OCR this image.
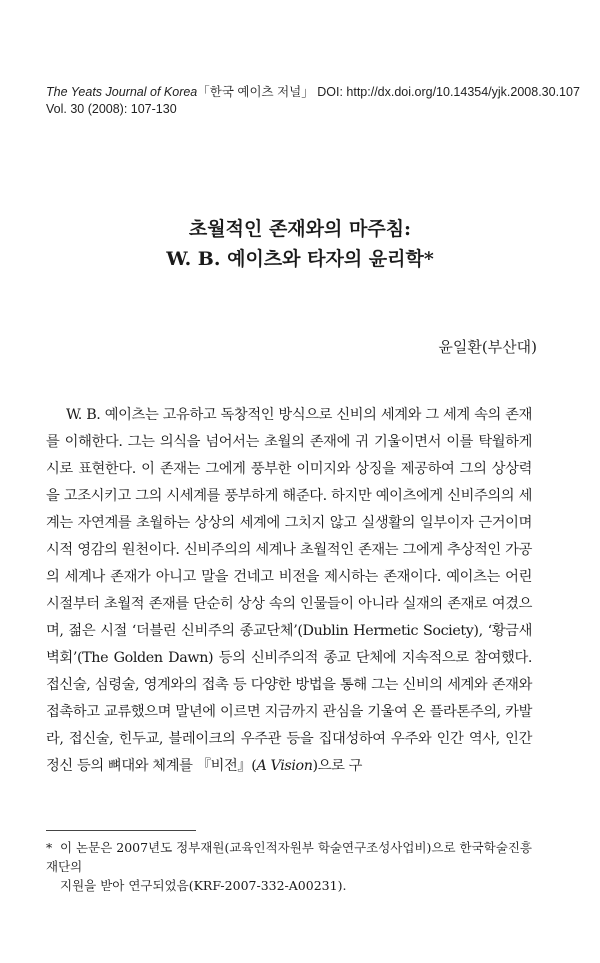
The Yeats Journal of Korea「한국 예이츠 저널」 DOI: http://dx.doi.org/10.14354/yjk.2008.30.107
Vol. 30 (2008): 107-130
초월적인 존재와의 마주침:
W. B. 예이츠와 타자의 윤리학*
윤일환(부산대)

W. B. 예이츠는 고유하고 독창적인 방식으로 신비의 세계와 그 세계 속의 존재를 이해한다. 그는 의식을 넘어서는 초월의 존재에 귀 기울이면서 이를 탁월하게 시로 표현한다. 이 존재는 그에게 풍부한 이미지와 상징을 제공하여 그의 상상력을 고조시키고 그의 시세계를 풍부하게 해준다. 하지만 예이츠에게 신비주의의 세계는 자연계를 초월하는 상상의 세계에 그치지 않고 실생활의 일부이자 근거이며 시적 영감의 원천이다. 신비주의의 세계나 초월적인 존재는 그에게 추상적인 가공의 세계나 존재가 아니고 말을 건네고 비전을 제시하는 존재이다. 예이츠는 어린 시절부터 초월적 존재를 단순히 상상 속의 인물들이 아니라 실재의 존재로 여겼으며, 젊은 시절 ‘더블린 신비주의 종교단체’(Dublin Hermetic Society), ‘황금새벽회’(The Golden Dawn) 등의 신비주의적 종교 단체에 지속적으로 참여했다. 접신술, 심령술, 영계와의 접촉 등 다양한 방법을 통해 그는 신비의 세계와 존재와 접촉하고 교류했으며 말년에 이르면 지금까지 관심을 기울여 온 플라톤주의, 카발라, 접신술, 힌두교, 블레이크의 우주관 등을 집대성하여 우주와 인간 역사, 인간 정신 등의 뼈대와 체계를 『비전』(A Vision)으로 구

* 이 논문은 2007년도 정부재원(교육인적자원부 학술연구조성사업비)으로 한국학술진흥재단의
지원을 받아 연구되었음(KRF-2007-332-A00231).
